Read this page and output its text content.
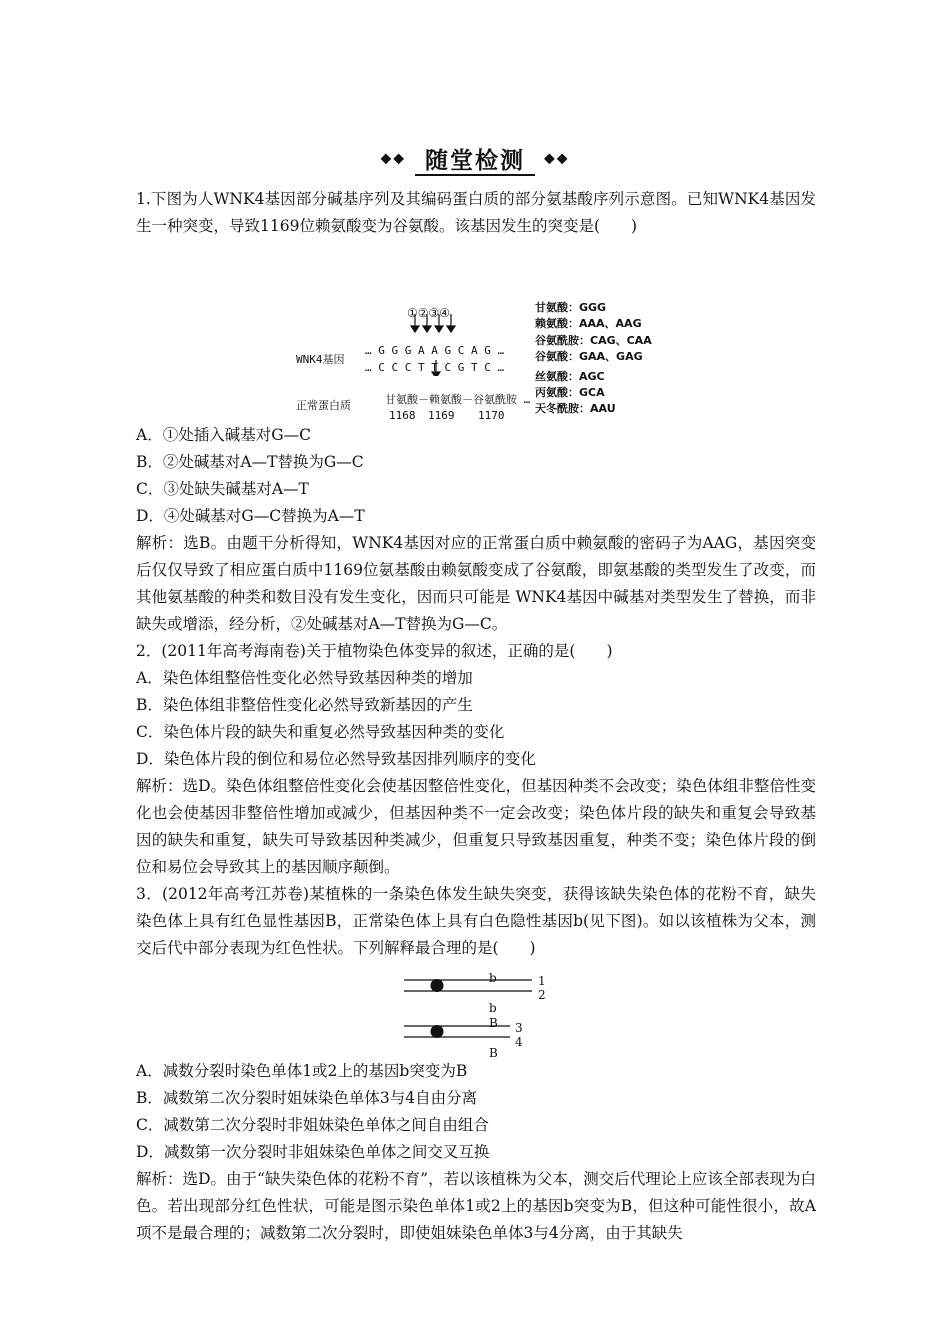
◆◆ 随堂检测 ◆◆

1.下图为人WNK4基因部分碱基序列及其编码蛋白质的部分氨基酸序列示意图。已知WNK4基因发生一种突变，导致1169位赖氨酸变为谷氨酸。该基因发生的突变是(　　)

①②③④
WNK4基因
… G G G A A G C A G …
… C C C T T C G T C …
甘氨酸：GGG
赖氨酸：AAA、AAG
谷氨酰胺：CAG、CAA
谷氨酸：GAA、GAG
正常蛋白质	甘氨酸－赖氨酸－谷氨酰胺 …
1168 1169 1170
丝氨酸：AGC
丙氨酸：GCA
天冬酰胺：AAU

A．①处插入碱基对G—C

B．②处碱基对A—T替换为G—C

C．③处缺失碱基对A—T

D．④处碱基对G—C替换为A—T

解析：选B。由题干分析得知，WNK4基因对应的正常蛋白质中赖氨酸的密码子为AAG，基因突变后仅仅导致了相应蛋白质中1169位氨基酸由赖氨酸变成了谷氨酸，即氨基酸的类型发生了改变，而其他氨基酸的种类和数目没有发生变化，因而只可能是 WNK4基因中碱基对类型发生了替换，而非缺失或增添，经分析，②处碱基对A—T替换为G—C。

2．(2011年高考海南卷)关于植物染色体变异的叙述，正确的是(　　)

A．染色体组整倍性变化必然导致基因种类的增加

B．染色体组非整倍性变化必然导致新基因的产生

C．染色体片段的缺失和重复必然导致基因种类的变化

D．染色体片段的倒位和易位必然导致基因排列顺序的变化

解析：选D。染色体组整倍性变化会使基因整倍性变化，但基因种类不会改变；染色体组非整倍性变化也会使基因非整倍性增加或减少，但基因种类不一定会改变；染色体片段的缺失和重复会导致基因的缺失和重复，缺失可导致基因种类减少，但重复只导致基因重复，种类不变；染色体片段的倒位和易位会导致其上的基因顺序颠倒。

3．(2012年高考江苏卷)某植株的一条染色体发生缺失突变，获得该缺失染色体的花粉不育，缺失染色体上具有红色显性基因B，正常染色体上具有白色隐性基因b(见下图)。如以该植株为父本，测交后代中部分表现为红色性状。下列解释最合理的是(　　)

b
b
B
B
1
2
3
4

A．减数分裂时染色单体1或2上的基因b突变为B

B．减数第二次分裂时姐妹染色单体3与4自由分离

C．减数第二次分裂时非姐妹染色单体之间自由组合

D．减数第一次分裂时非姐妹染色单体之间交叉互换

解析：选D。由于“缺失染色体的花粉不育”，若以该植株为父本，测交后代理论上应该全部表现为白色。若出现部分红色性状，可能是图示染色单体1或2上的基因b突变为B，但这种可能性很小，故A项不是最合理的；减数第二次分裂时，即使姐妹染色单体3与4分离，由于其缺失
